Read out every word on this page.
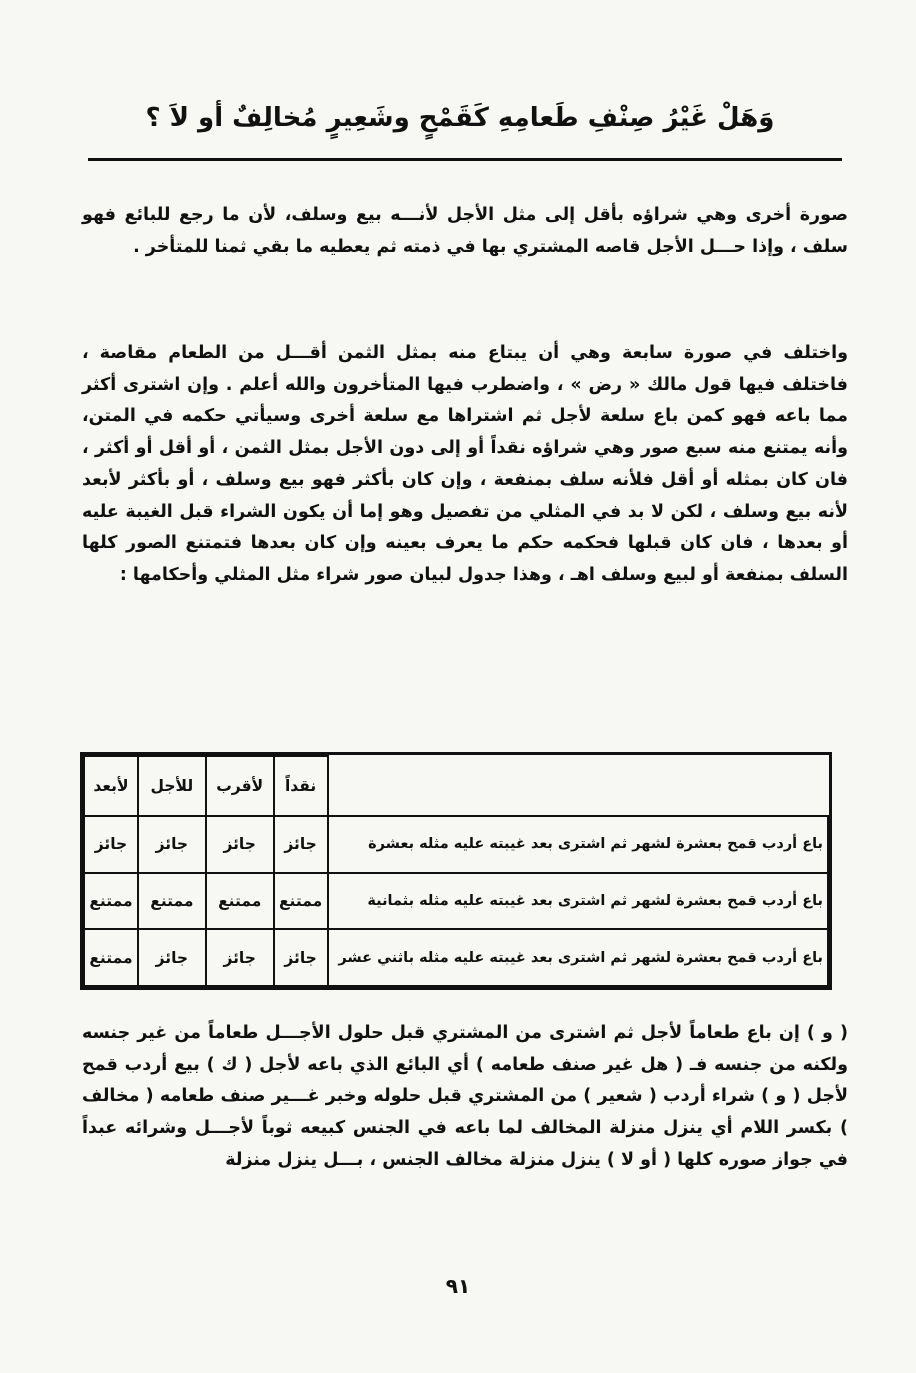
وَهَلْ غَيْرُ صِنْفِ طَعامِهِ كَقَمْحٍ وشَعِيرٍ مُخالِفٌ أو لاَ ؟

صورة أخرى وهي شراؤه بأقل إلى مثل الأجل لأنـــه بيع وسلف، لأن ما رجع للبائع فهو سلف ، وإذا حـــل الأجل قاصه المشتري بها في ذمته ثم يعطيه ما بقي ثمنا للمتأخر .

واختلف في صورة سابعة وهي أن يبتاع منه بمثل الثمن أقـــل من الطعام مقاصة ، فاختلف فيها قول مالك « رض » ، واضطرب فيها المتأخرون والله أعلم . وإن اشترى أكثر مما باعه فهو كمن باع سلعة لأجل ثم اشتراها مع سلعة أخرى وسيأتي حكمه في المتن، وأنه يمتنع منه سبع صور وهي شراؤه نقداً أو إلى دون الأجل بمثل الثمن ، أو أقل أو أكثر ، فان كان بمثله أو أقل فلأنه سلف بمنفعة ، وإن كان بأكثر فهو بيع وسلف ، أو بأكثر لأبعد لأنه بيع وسلف ، لكن لا بد في المثلي من تفصيل وهو إما أن يكون الشراء قبل الغيبة عليه أو بعدها ، فان كان قبلها فحكمه حكم ما يعرف بعينه وإن كان بعدها فتمتنع الصور كلها السلف بمنفعة أو لبيع وسلف اهـ ، وهذا جدول لبيان صور شراء مثل المثلي وأحكامها :

	نقداً	لأقرب	للأجل	لأبعد
باع أردب قمح بعشرة لشهر ثم اشترى بعد غيبته عليه مثله بعشرة	جائز	جائز	جائز	جائز
باع أردب قمح بعشرة لشهر ثم اشترى بعد غيبته عليه مثله بثمانية	ممتنع	ممتنع	ممتنع	ممتنع
باع أردب قمح بعشرة لشهر ثم اشترى بعد غيبته عليه مثله باثني عشر	جائز	جائز	جائز	ممتنع

( و ) إن باع طعاماً لأجل ثم اشترى من المشتري قبل حلول الأجـــل طعاماً من غير جنسه ولكنه من جنسه فـ ( هل غير صنف طعامه ) أي البائع الذي باعه لأجل ( ك ) بيع أردب قمح لأجل ( و ) شراء أردب ( شعير ) من المشتري قبل حلوله وخبر غـــير صنف طعامه ( مخالف ) بكسر اللام أي ينزل منزلة المخالف لما باعه في الجنس كبيعه ثوباً لأجـــل وشرائه عبداً في جواز صوره كلها ( أو لا ) ينزل منزلة مخالف الجنس ، بـــل ينزل منزلة

٩١
